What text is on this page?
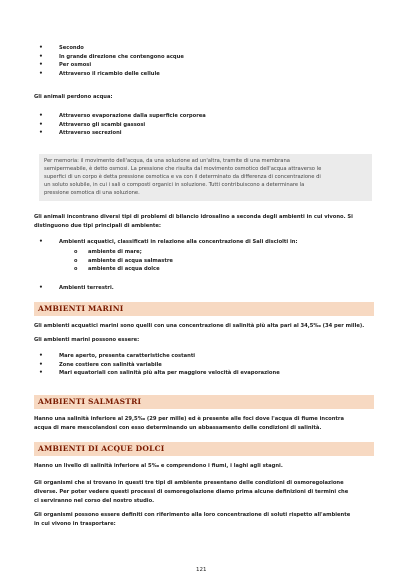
• Secondo
• In grande direzione che contengono acque
• Per osmosi
• Attraverso il ricambio delle cellule
Gli animali perdono acqua:
• Attraverso evaporazione dalla superficie corporea
• Attraverso gli scambi gassosi
• Attraverso secrezioni
Per memoria: il movimento dell'acqua, da una soluzione ad un'altra, tramite di una membrana
semipermeabile, è detto osmosi. La pressione che risulta dal movimento osmotico dell'acqua attraverso le
superfici di un corpo è detta pressione osmotica e va con il determinato da differenza di concentrazione di
un soluto solubile, in cui i sali o composti organici in soluzione. Tutti contribuiscono a determinare la
pressione osmotica di una soluzione.
Gli animali incontrano diversi tipi di problemi di bilancio idrosalino a seconda degli ambienti in cui vivono. Si
distinguono due tipi principali di ambiente:
• Ambienti acquatici, classificati in relazione alla concentrazione di Sali disciolti in:
o ambiente di mare;
o ambiente di acqua salmastre
o ambiente di acqua dolce
• Ambienti terrestri.
AMBIENTI MARINI
Gli ambienti acquatici marini sono quelli con una concentrazione di salinità più alta pari al 34,5‰ (34 per mille).
Gli ambienti marini possono essere:
• Mare aperto, presenta caratteristiche costanti
• Zone costiere con salinità variabile
• Mari equatoriali con salinità più alta per maggiore velocità di evaporazione
AMBIENTI SALMASTRI
Hanno una salinità inferiore al 29,5‰ (29 per mille) ed è presente alle foci dove l'acqua di fiume incontra
acqua di mare mescolandosi con esso determinando un abbassamento delle condizioni di salinità.
AMBIENTI DI ACQUE DOLCI
Hanno un livello di salinità inferiore al 5‰ e comprendono i fiumi, i laghi agli stagni.
Gli organismi che si trovano in questi tre tipi di ambiente presentano delle condizioni di osmoregolazione
diverse. Per poter vedere questi processi di osmoregolazione diamo prima alcune definizioni di termini che
ci serviranno nel corso del nostro studio.
Gli organismi possono essere definiti con riferimento alla loro concentrazione di soluti rispetto all'ambiente
in cui vivono in trasportare:
121
